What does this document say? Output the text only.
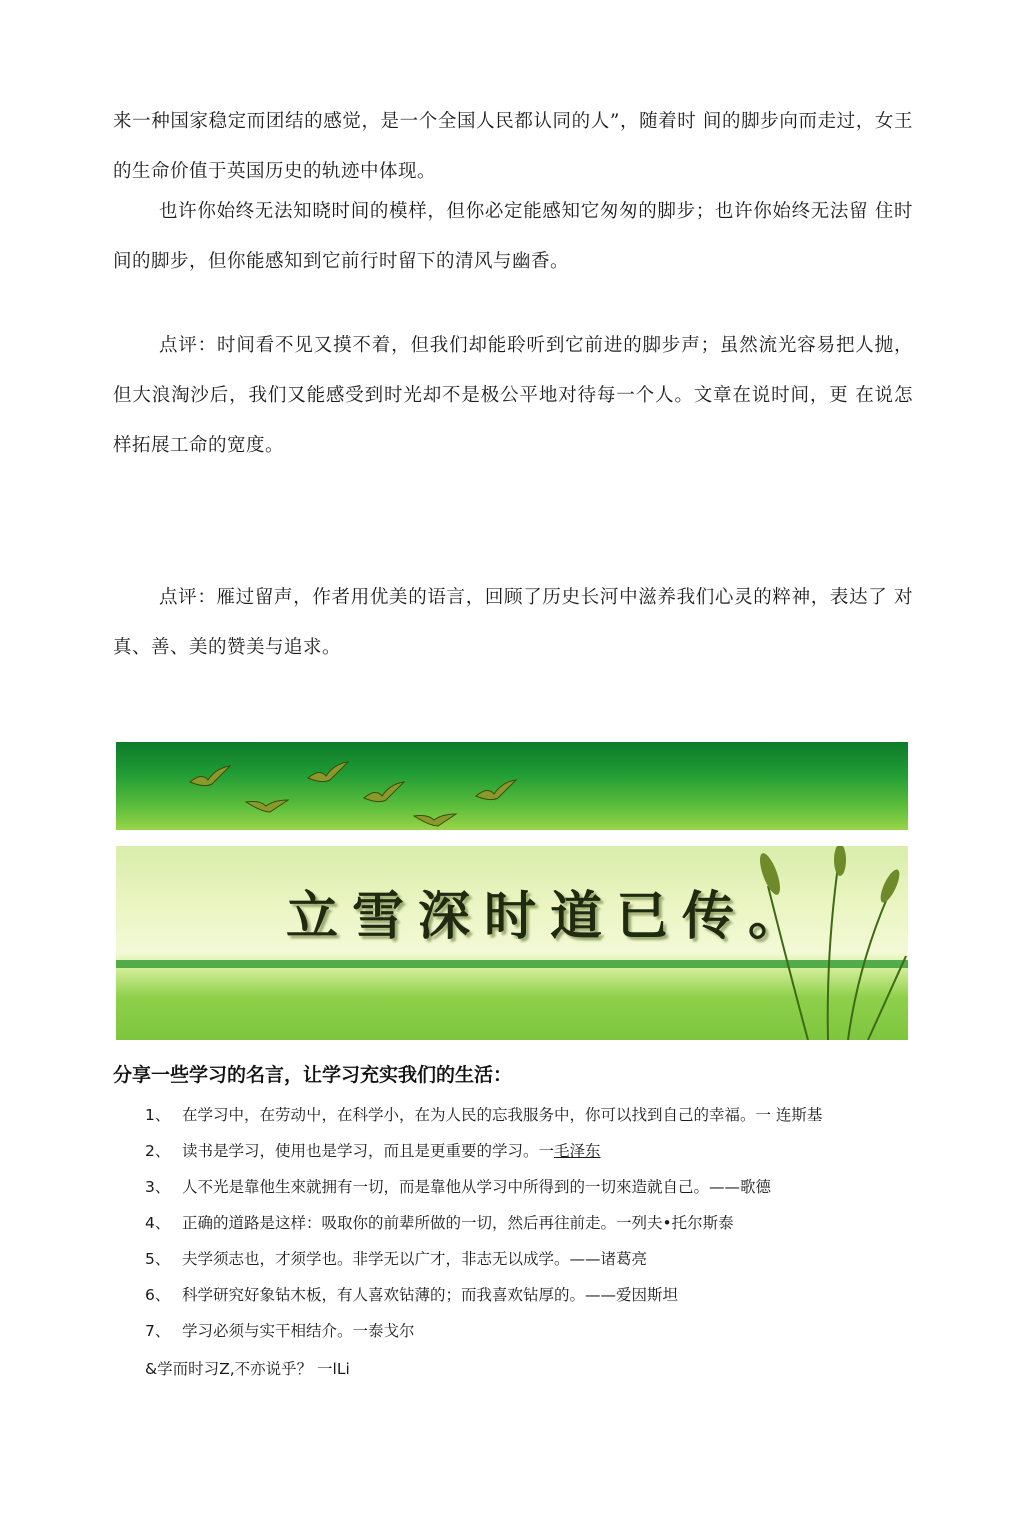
来一种国家稳定而团结的感觉，是一个全国人民都认同的人”，随着时 间的脚步向而走过，女王的生命价值于英国历史的轨迹中体现。
也许你始终无法知晓时间的模样，但你必定能感知它匆匆的脚步；也许你始终无法留 住时间的脚步，但你能感知到它前行时留下的清风与幽香。
点评：时间看不见又摸不着，但我们却能聆听到它前进的脚步声；虽然流光容易把人抛，但大浪淘沙后，我们又能感受到时光却不是极公平地对待每一个人。文章在说时间，更 在说怎样拓展工命的宽度。
点评：雁过留声，作者用优美的语言，回顾了历史长河中滋养我们心灵的粹神，表达了 对真、善、美的赞美与追求。
立雪深时道已传。
分享一些学习的名言，让学习充实我们的生活：
1、 在学习中，在劳动屮，在科学小，在为人民的忘我服务中，你可以找到自己的幸福。一 连斯基
2、 读书是学习，使用也是学习，而且是更重要的学习。一毛泽东
3、 人不光是靠他生來就拥有一切，而是靠他从学习中所得到的一切來造就自己。——歌德
4、 正确的道路是这样：吸取你的前辈所做的一切，然后再往前走。一列夫•托尔斯泰
5、 夫学须志也，才须学也。非学无以广才，非志无以成学。——诸葛亮
6、 科学研究好象钻木板，有人喜欢钻薄的；而我喜欢钻厚的。——爱因斯坦
7、 学习必须与实干相结介。一泰戈尔
&学而时习Z,不亦说乎？ 一lLi
